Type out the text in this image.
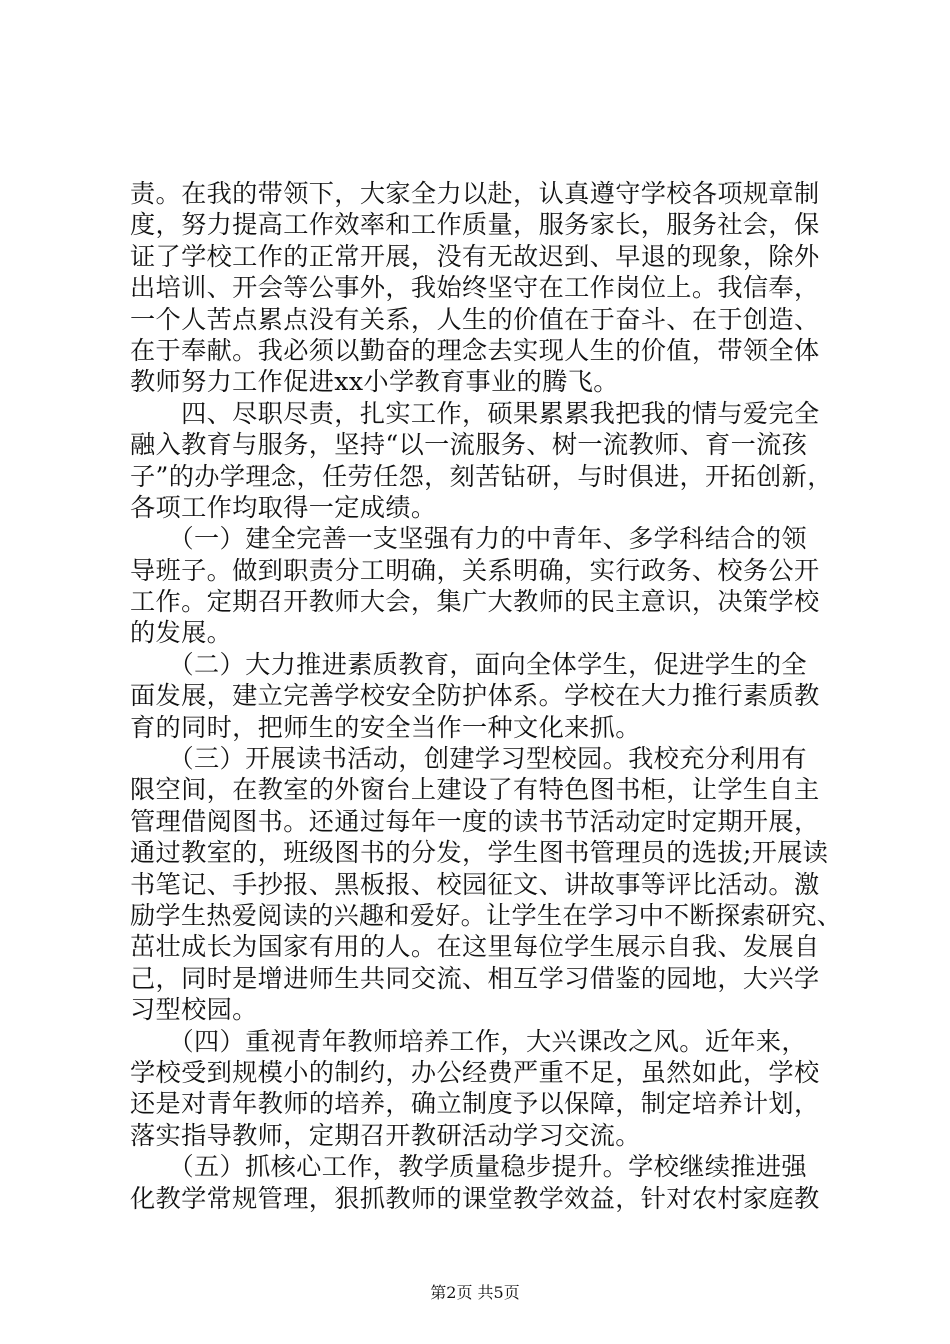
责。在我的带领下，大家全力以赴，认真遵守学校各项规章制
度，努力提高工作效率和工作质量，服务家长，服务社会，保
证了学校工作的正常开展，没有无故迟到、早退的现象，除外
出培训、开会等公事外，我始终坚守在工作岗位上。我信奉，
一个人苦点累点没有关系，人生的价值在于奋斗、在于创造、
在于奉献。我必须以勤奋的理念去实现人生的价值，带领全体
教师努力工作促进xx小学教育事业的腾飞。
　　四、尽职尽责，扎实工作，硕果累累我把我的情与爱完全
融入教育与服务，坚持“以一流服务、树一流教师、育一流孩
子”的办学理念，任劳任怨，刻苦钻研，与时俱进，开拓创新，
各项工作均取得一定成绩。
　　（一）建全完善一支坚强有力的中青年、多学科结合的领
导班子。做到职责分工明确，关系明确，实行政务、校务公开
工作。定期召开教师大会，集广大教师的民主意识，决策学校
的发展。
　　（二）大力推进素质教育，面向全体学生，促进学生的全
面发展，建立完善学校安全防护体系。学校在大力推行素质教
育的同时，把师生的安全当作一种文化来抓。
　　（三）开展读书活动，创建学习型校园。我校充分利用有
限空间，在教室的外窗台上建设了有特色图书柜，让学生自主
管理借阅图书。还通过每年一度的读书节活动定时定期开展，
通过教室的，班级图书的分发，学生图书管理员的选拔;开展读
书笔记、手抄报、黑板报、校园征文、讲故事等评比活动。激
励学生热爱阅读的兴趣和爱好。让学生在学习中不断探索研究、
茁壮成长为国家有用的人。在这里每位学生展示自我、发展自
己，同时是增进师生共同交流、相互学习借鉴的园地，大兴学
习型校园。
　　（四）重视青年教师培养工作，大兴课改之风。近年来，
学校受到规模小的制约，办公经费严重不足，虽然如此，学校
还是对青年教师的培养，确立制度予以保障，制定培养计划，
落实指导教师，定期召开教研活动学习交流。
　　（五）抓核心工作，教学质量稳步提升。学校继续推进强
化教学常规管理，狠抓教师的课堂教学效益，针对农村家庭教
第2页 共5页
